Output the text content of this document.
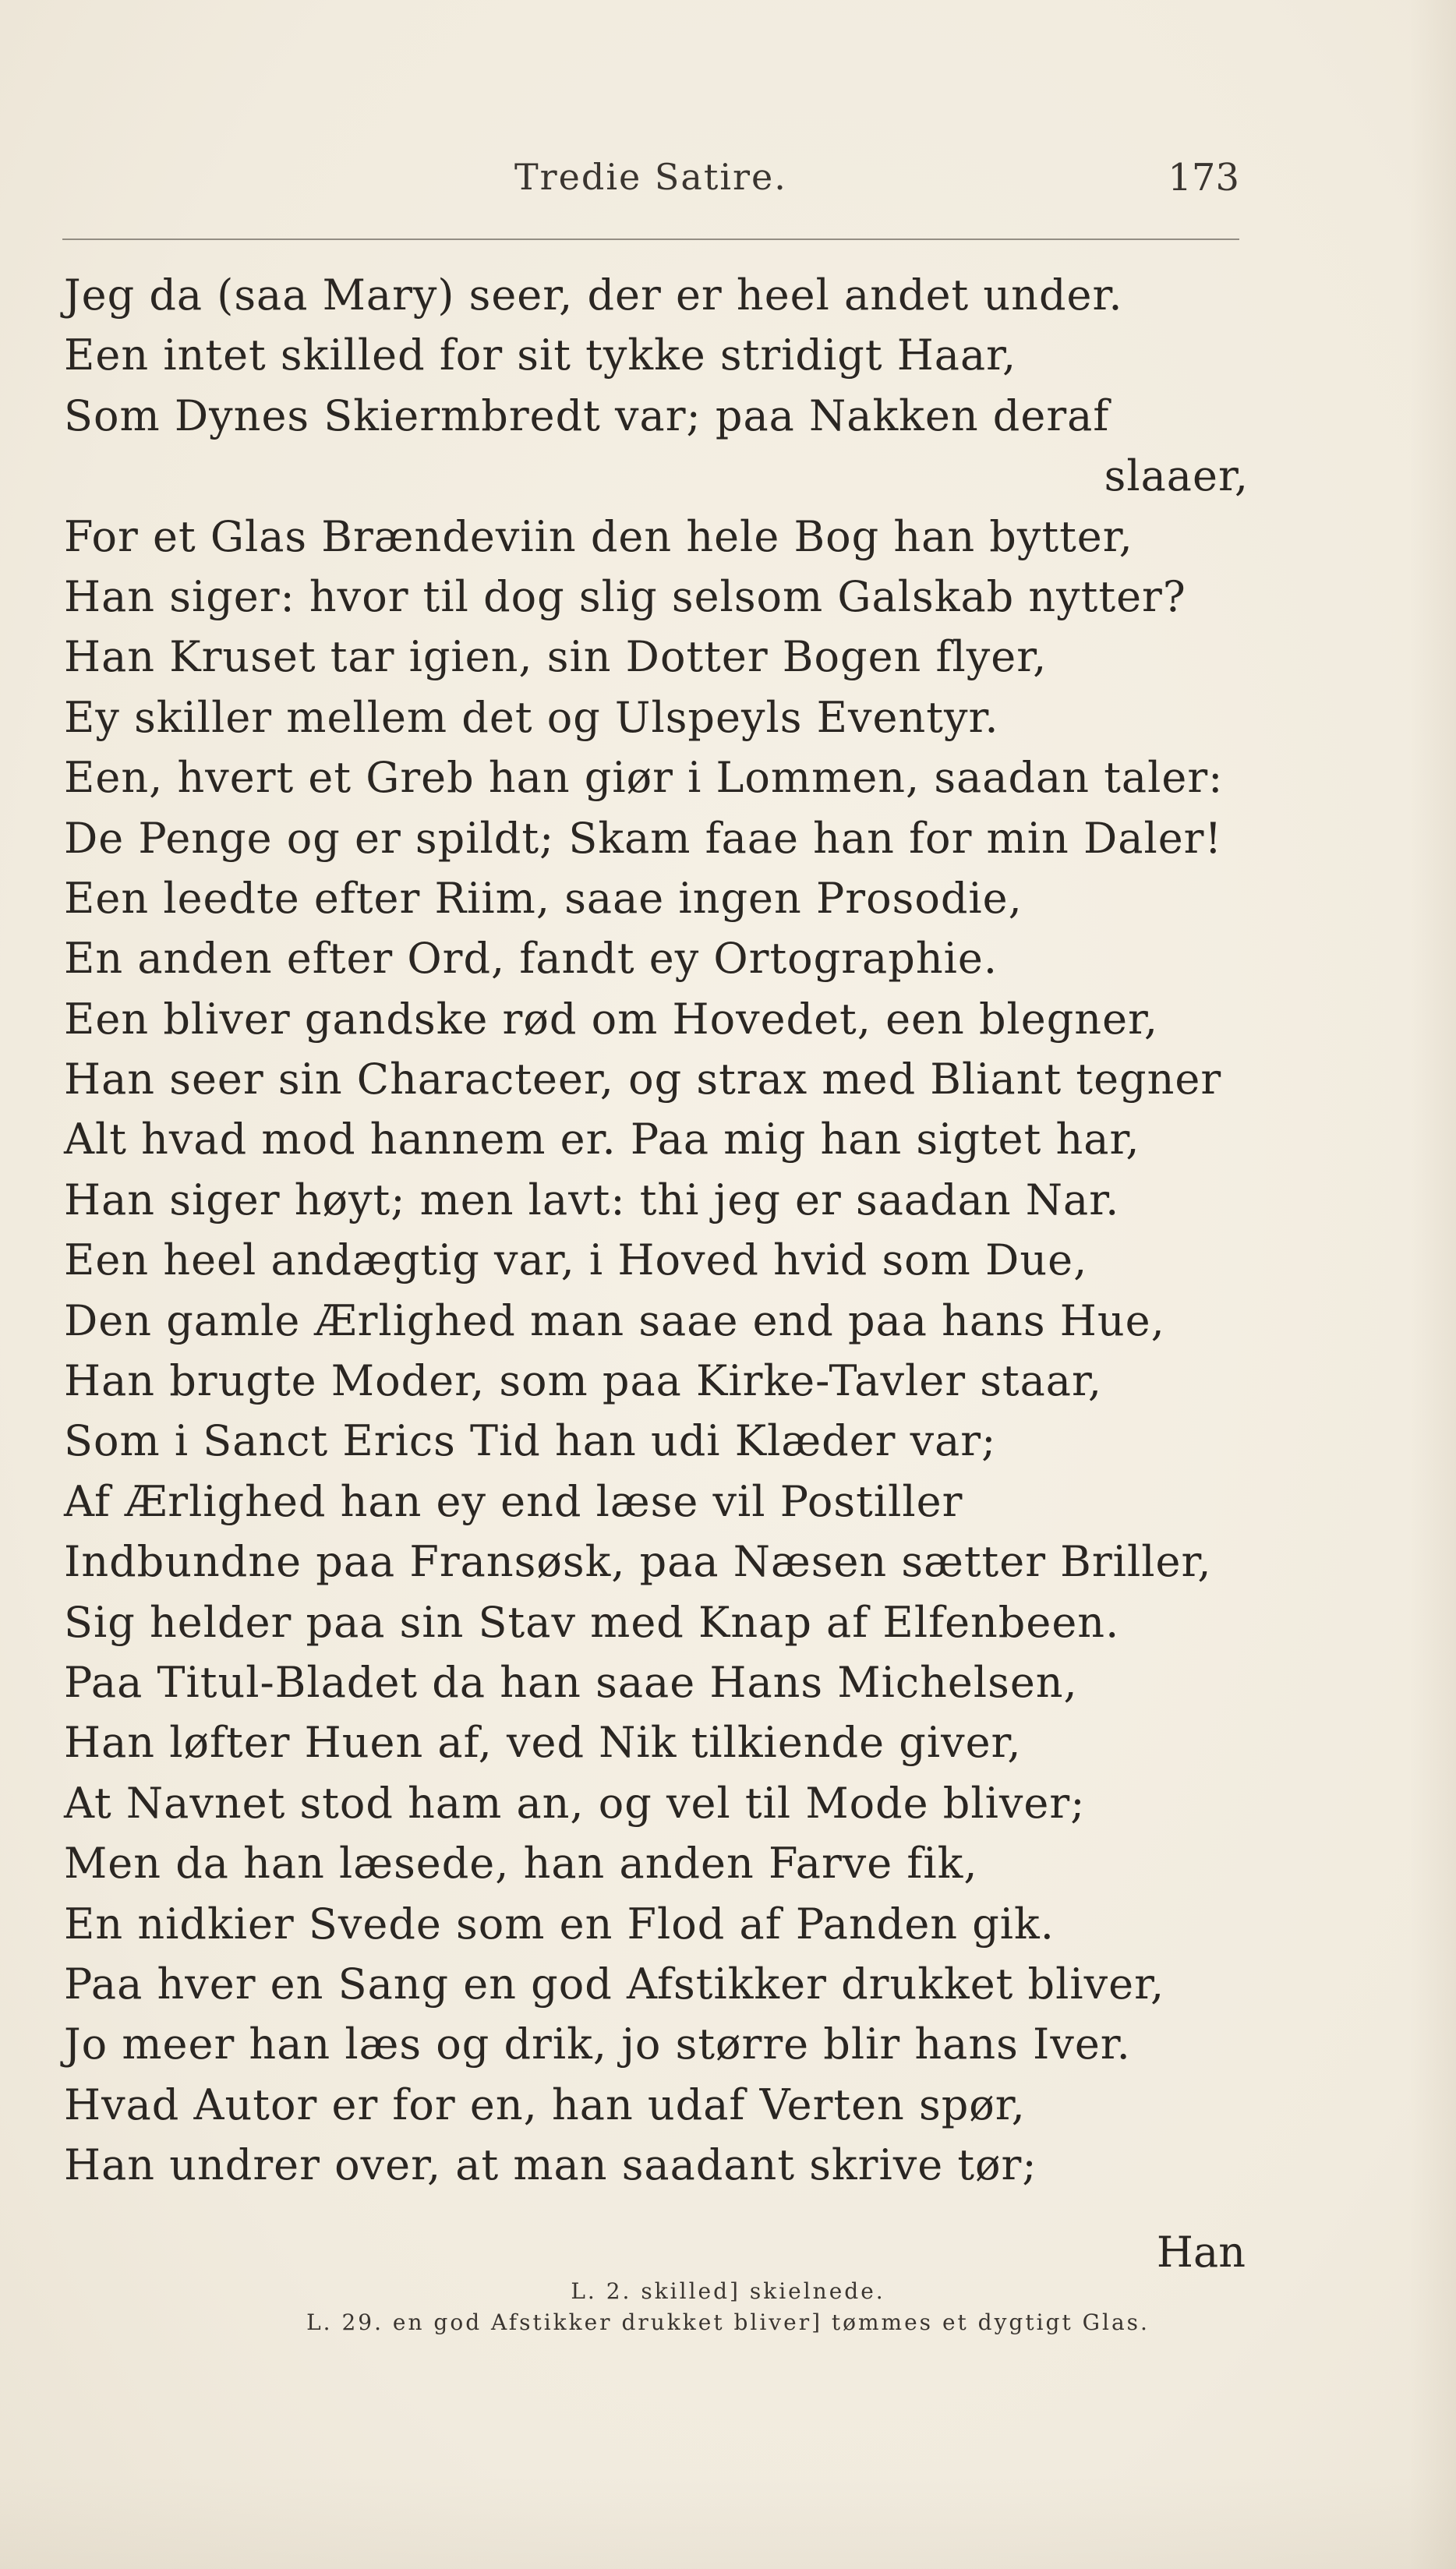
Tredie Satire.	173
Jeg da (saa Mary) seer, der er heel andet under.
Een intet skilled for sit tykke stridigt Haar,
Som Dynes Skiermbredt var; paa Nakken deraf
slaaer,
For et Glas Brændeviin den hele Bog han bytter,
Han siger: hvor til dog slig selsom Galskab nytter?
Han Kruset tar igien, sin Dotter Bogen flyer,
Ey skiller mellem det og Ulspeyls Eventyr.
Een, hvert et Greb han giør i Lommen, saadan taler:
De Penge og er spildt; Skam faae han for min Daler!
Een leedte efter Riim, saae ingen Prosodie,
En anden efter Ord, fandt ey Ortographie.
Een bliver gandske rød om Hovedet, een blegner,
Han seer sin Characteer, og strax med Bliant tegner
Alt hvad mod hannem er. Paa mig han sigtet har,
Han siger høyt; men lavt: thi jeg er saadan Nar.
Een heel andægtig var, i Hoved hvid som Due,
Den gamle Ærlighed man saae end paa hans Hue,
Han brugte Moder, som paa Kirke-Tavler staar,
Som i Sanct Erics Tid han udi Klæder var;
Af Ærlighed han ey end læse vil Postiller
Indbundne paa Fransøsk, paa Næsen sætter Briller,
Sig helder paa sin Stav med Knap af Elfenbeen.
Paa Titul-Bladet da han saae Hans Michelsen,
Han løfter Huen af, ved Nik tilkiende giver,
At Navnet stod ham an, og vel til Mode bliver;
Men da han læsede, han anden Farve fik,
En nidkier Svede som en Flod af Panden gik.
Paa hver en Sang en god Afstikker drukket bliver,
Jo meer han læs og drik, jo større blir hans Iver.
Hvad Autor er for en, han udaf Verten spør,
Han undrer over, at man saadant skrive tør;
Han
L. 2. skilled] skielnede.
L. 29. en god Afstikker drukket bliver] tømmes et dygtigt Glas.
